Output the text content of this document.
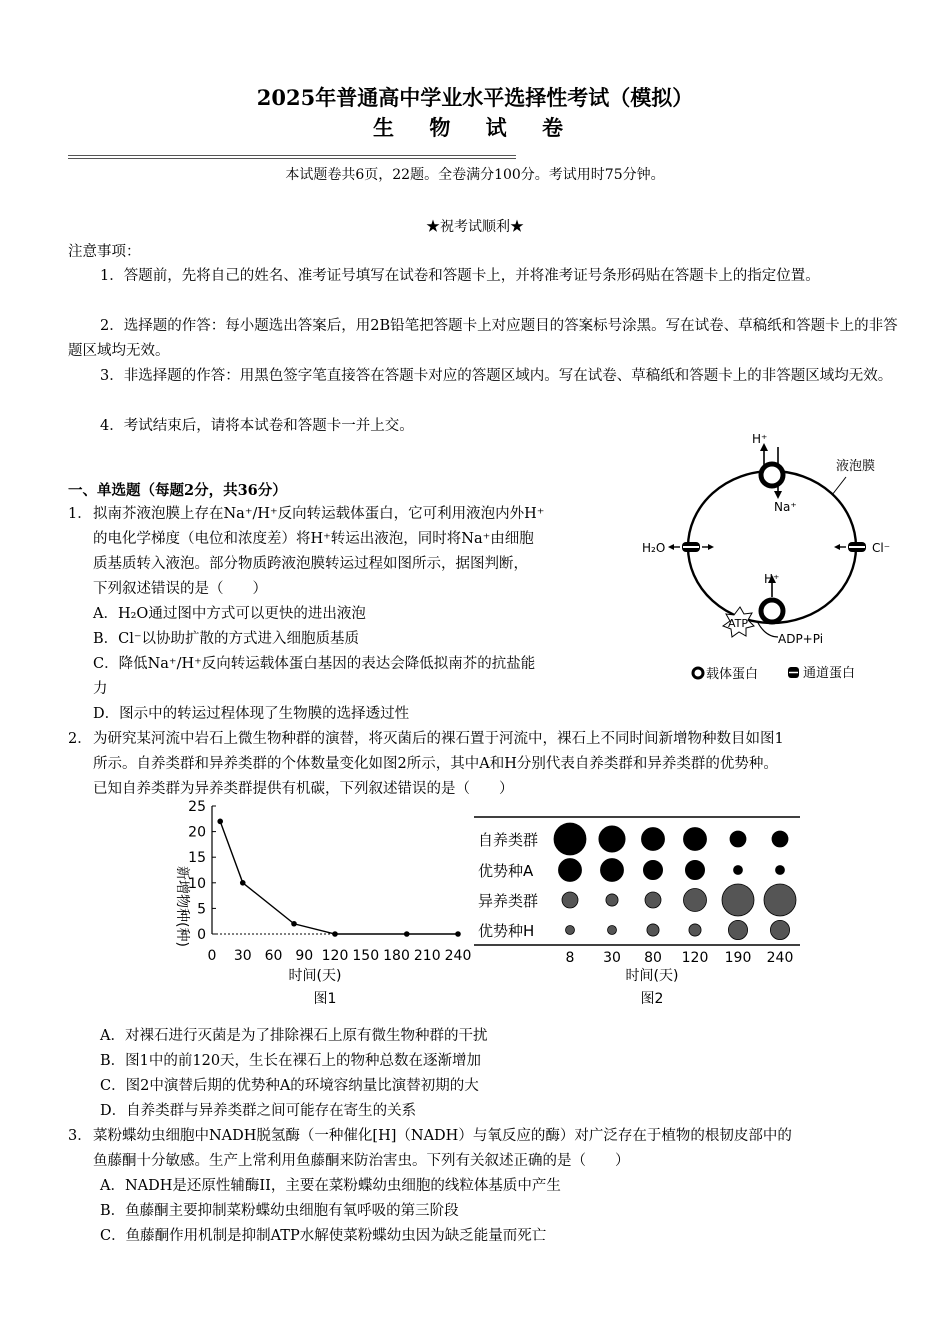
2025年普通高中学业水平选择性考试（模拟）
生 物 试 卷
本试题卷共6页，22题。全卷满分100分。考试用时75分钟。
★祝考试顺利★
注意事项：
1．答题前，先将自己的姓名、准考证号填写在试卷和答题卡上，并将准考证号条形码贴在答题卡上的指定位置。
2．选择题的作答：每小题选出答案后，用2B铅笔把答题卡上对应题目的答案标号涂黑。写在试卷、草稿纸和答题卡上的非答题区域均无效。
3．非选择题的作答：用黑色签字笔直接答在答题卡对应的答题区域内。写在试卷、草稿纸和答题卡上的非答题区域均无效。
4．考试结束后，请将本试卷和答题卡一并上交。
一、单选题（每题2分，共36分）
1． 拟南芥液泡膜上存在Na⁺/H⁺反向转运载体蛋白，它可利用液泡内外H⁺
的电化学梯度（电位和浓度差）将H⁺转运出液泡，同时将Na⁺由细胞
质基质转入液泡。部分物质跨液泡膜转运过程如图所示，据图判断，
下列叙述错误的是（　　）
A．H₂O通过图中方式可以更快的进出液泡
B．Cl⁻以协助扩散的方式进入细胞质基质
C．降低Na⁺/H⁺反向转运载体蛋白基因的表达会降低拟南芥的抗盐能
力
D．图示中的转运过程体现了生物膜的选择透过性
液泡膜
H⁺
Na⁺
H₂O	Cl⁻
H⁺
ATP
ADP+Pi
载体蛋白	通道蛋白
2． 为研究某河流中岩石上微生物种群的演替，将灭菌后的裸石置于河流中，裸石上不同时间新增物种数目如图1
所示。自养类群和异养类群的个体数量变化如图2所示，其中A和H分别代表自养类群和异养类群的优势种。
已知自养类群为异养类群提供有机碳，下列叙述错误的是（　　）
新增物种(种)
时间(天)
图1
0
5
10
15
20
25
0 30 60 90 120 150 180 210 240
时间(天)
图2
自养类群
优势种A
异养类群
优势种H
8 30 80 120 190 240
A．对裸石进行灭菌是为了排除裸石上原有微生物种群的干扰
B．图1中的前120天，生长在裸石上的物种总数在逐渐增加
C．图2中演替后期的优势种A的环境容纳量比演替初期的大
D．自养类群与异养类群之间可能存在寄生的关系
3． 菜粉蝶幼虫细胞中NADH脱氢酶（一种催化[H]（NADH）与氧反应的酶）对广泛存在于植物的根韧皮部中的
鱼藤酮十分敏感。生产上常利用鱼藤酮来防治害虫。下列有关叙述正确的是（　　）
A．NADH是还原性辅酶II，主要在菜粉蝶幼虫细胞的线粒体基质中产生
B．鱼藤酮主要抑制菜粉蝶幼虫细胞有氧呼吸的第三阶段
C．鱼藤酮作用机制是抑制ATP水解使菜粉蝶幼虫因为缺乏能量而死亡
